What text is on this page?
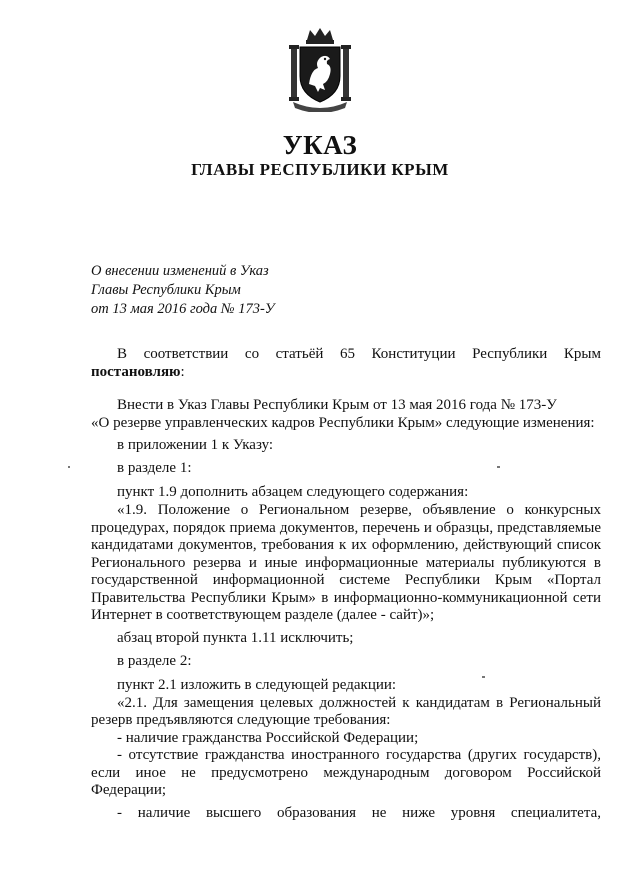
УКАЗ
ГЛАВЫ РЕСПУБЛИКИ КРЫМ
О внесении изменений в Указ
Главы Республики Крым
от 13 мая 2016 года № 173-У

В соответствии со статьёй 65 Конституции Республики Крым

постановляю:

Внести в Указ Главы Республики Крым от 13 мая 2016 года № 173-У

«О резерве управленческих кадров Республики Крым» следующие изменения:

в приложении 1 к Указу:

в разделе 1:

пункт 1.9 дополнить абзацем следующего содержания:

«1.9. Положение о Региональном резерве, объявление о конкурсных

процедурах, порядок приема документов, перечень и образцы, представляемые

кандидатами документов, требования к их оформлению, действующий список

Регионального резерва и иные информационные материалы публикуются в

государственной информационной системе Республики Крым «Портал

Правительства Республики Крым» в информационно-коммуникационной сети

Интернет в соответствующем разделе (далее - сайт)»;

абзац второй пункта 1.11 исключить;

в разделе 2:

пункт 2.1 изложить в следующей редакции:

«2.1. Для замещения целевых должностей к кандидатам в Региональный

резерв предъявляются следующие требования:

- наличие гражданства Российской Федерации;

- отсутствие гражданства иностранного государства (других государств),

если иное не предусмотрено международным договором Российской

Федерации;

- наличие высшего образования не ниже уровня специалитета,
